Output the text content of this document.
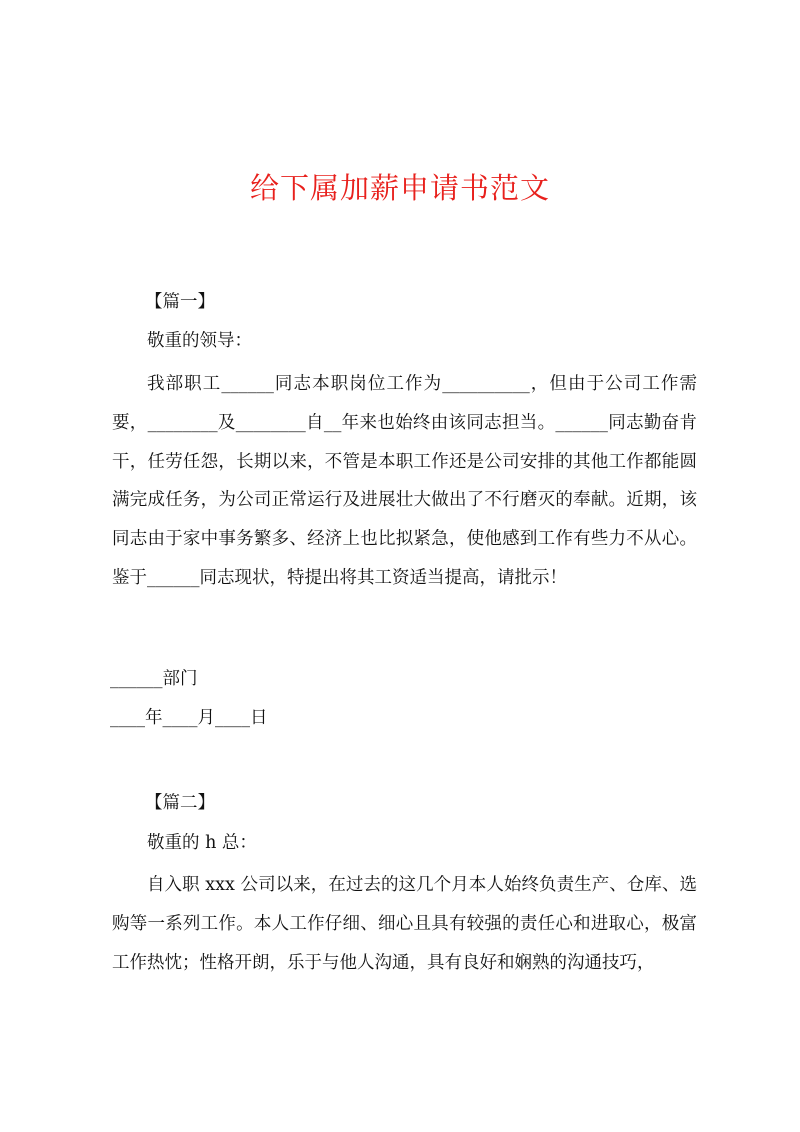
给下属加薪申请书范文
【篇一】
敬重的领导：
我部职工______同志本职岗位工作为__________，但由于公司工作需要，________及________自__年来也始终由该同志担当。______同志勤奋肯干，任劳任怨，长期以来，不管是本职工作还是公司安排的其他工作都能圆满完成任务，为公司正常运行及进展壮大做出了不行磨灭的奉献。近期，该同志由于家中事务繁多、经济上也比拟紧急，使他感到工作有些力不从心。鉴于______同志现状，特提出将其工资适当提高，请批示！
______部门
____年____月____日
【篇二】
敬重的 h 总：
自入职 xxx 公司以来，在过去的这几个月本人始终负责生产、仓库、选购等一系列工作。本人工作仔细、细心且具有较强的责任心和进取心，极富工作热忱；性格开朗，乐于与他人沟通，具有良好和娴熟的沟通技巧，
